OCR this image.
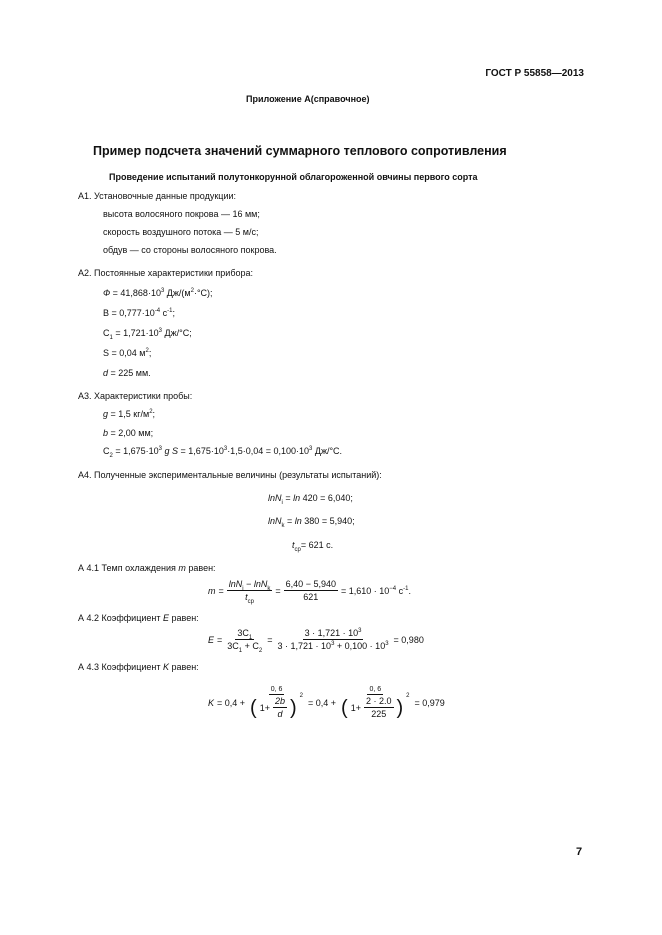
ГОСТ Р 55858—2013
Приложение А(справочное)
Пример подсчета значений суммарного теплового сопротивления
Проведение испытаний полутонкорунной облагороженной овчины первого сорта
А1. Установочные данные продукции:
высота волосяного покрова — 16 мм;
скорость воздушного потока — 5 м/с;
обдув — со стороны волосяного покрова.
А2. Постоянные характеристики прибора:
$Ф = 41,868\cdot 10^3$ $Дж/(м^2\cdot^\circ С)$;
$В = 0,777\cdot 10^{-4}$ $с^{-1}$;
$С_1 = 1,721\cdot 10^3$ Дж/°С;
S = 0,04 $м^2$;
d = 225 мм.
А3. Характеристики пробы:
g = 1,5 $кг/м^2$;
b = 2,00 мм;
$С_2 = 1,675\cdot 10^3$ g $S = 1,675\cdot 10^3\cdot 1,5\cdot 0,04 = 0,100\cdot 10^3$ Дж/°С.
А4. Полученные экспериментальные величины (результаты испытаний):
lnN$_i$ = ln 420 = 6,040;
lnN$_k$ = ln 380 = 5,940;
$t_{ср}= 621$ с.
А 4.1 Темп охлаждения m равен:
$m = \frac{\ln N_i - \ln N_k}{t_{ср}} = \frac{6,40 - 5,940}{621} = 1,610 \cdot 10^{-4}$ $с^{-1}$.
А 4.2 Коэффициент E равен:
$E = \frac{3C_1}{3C_1 + C_2} = \frac{3 \cdot 1,721 \cdot 10^3}{3 \cdot 1,721 \cdot 10^3 + 0,100 \cdot 10^3} = 0,980$
А 4.3 Коэффициент K равен:
K = 0,4 + 0, 6
( $1+ \frac{2b}{d}$ )
2 = 0,4 +
0, 6
( $1+ \frac{2 \cdot 2.0}{225}$ )
2
= 0,979
7
